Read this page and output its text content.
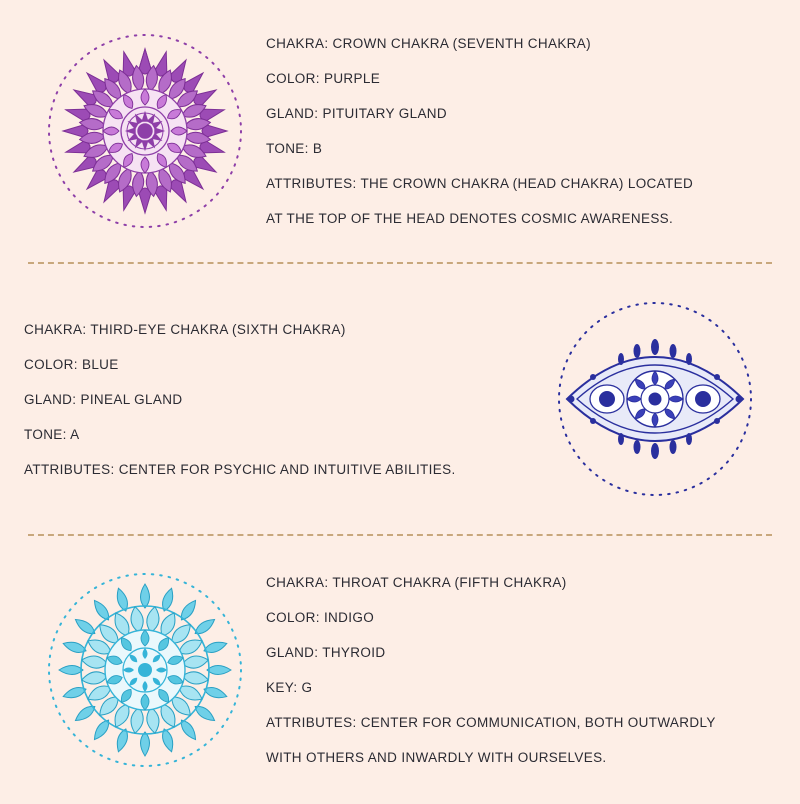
CHAKRA: CROWN CHAKRA (SEVENTH CHAKRA)
COLOR: PURPLE
GLAND: PITUITARY GLAND
TONE: B
ATTRIBUTES: THE CROWN CHAKRA (HEAD CHAKRA) LOCATED
AT THE TOP OF THE HEAD DENOTES COSMIC AWARENESS.
CHAKRA: THIRD-EYE CHAKRA (SIXTH CHAKRA)
COLOR: BLUE
GLAND: PINEAL GLAND
TONE: A
ATTRIBUTES: CENTER FOR PSYCHIC AND INTUITIVE ABILITIES.
CHAKRA: THROAT CHAKRA (FIFTH CHAKRA)
COLOR: INDIGO
GLAND: THYROID
KEY: G
ATTRIBUTES: CENTER FOR COMMUNICATION, BOTH OUTWARDLY
WITH OTHERS AND INWARDLY WITH OURSELVES.
